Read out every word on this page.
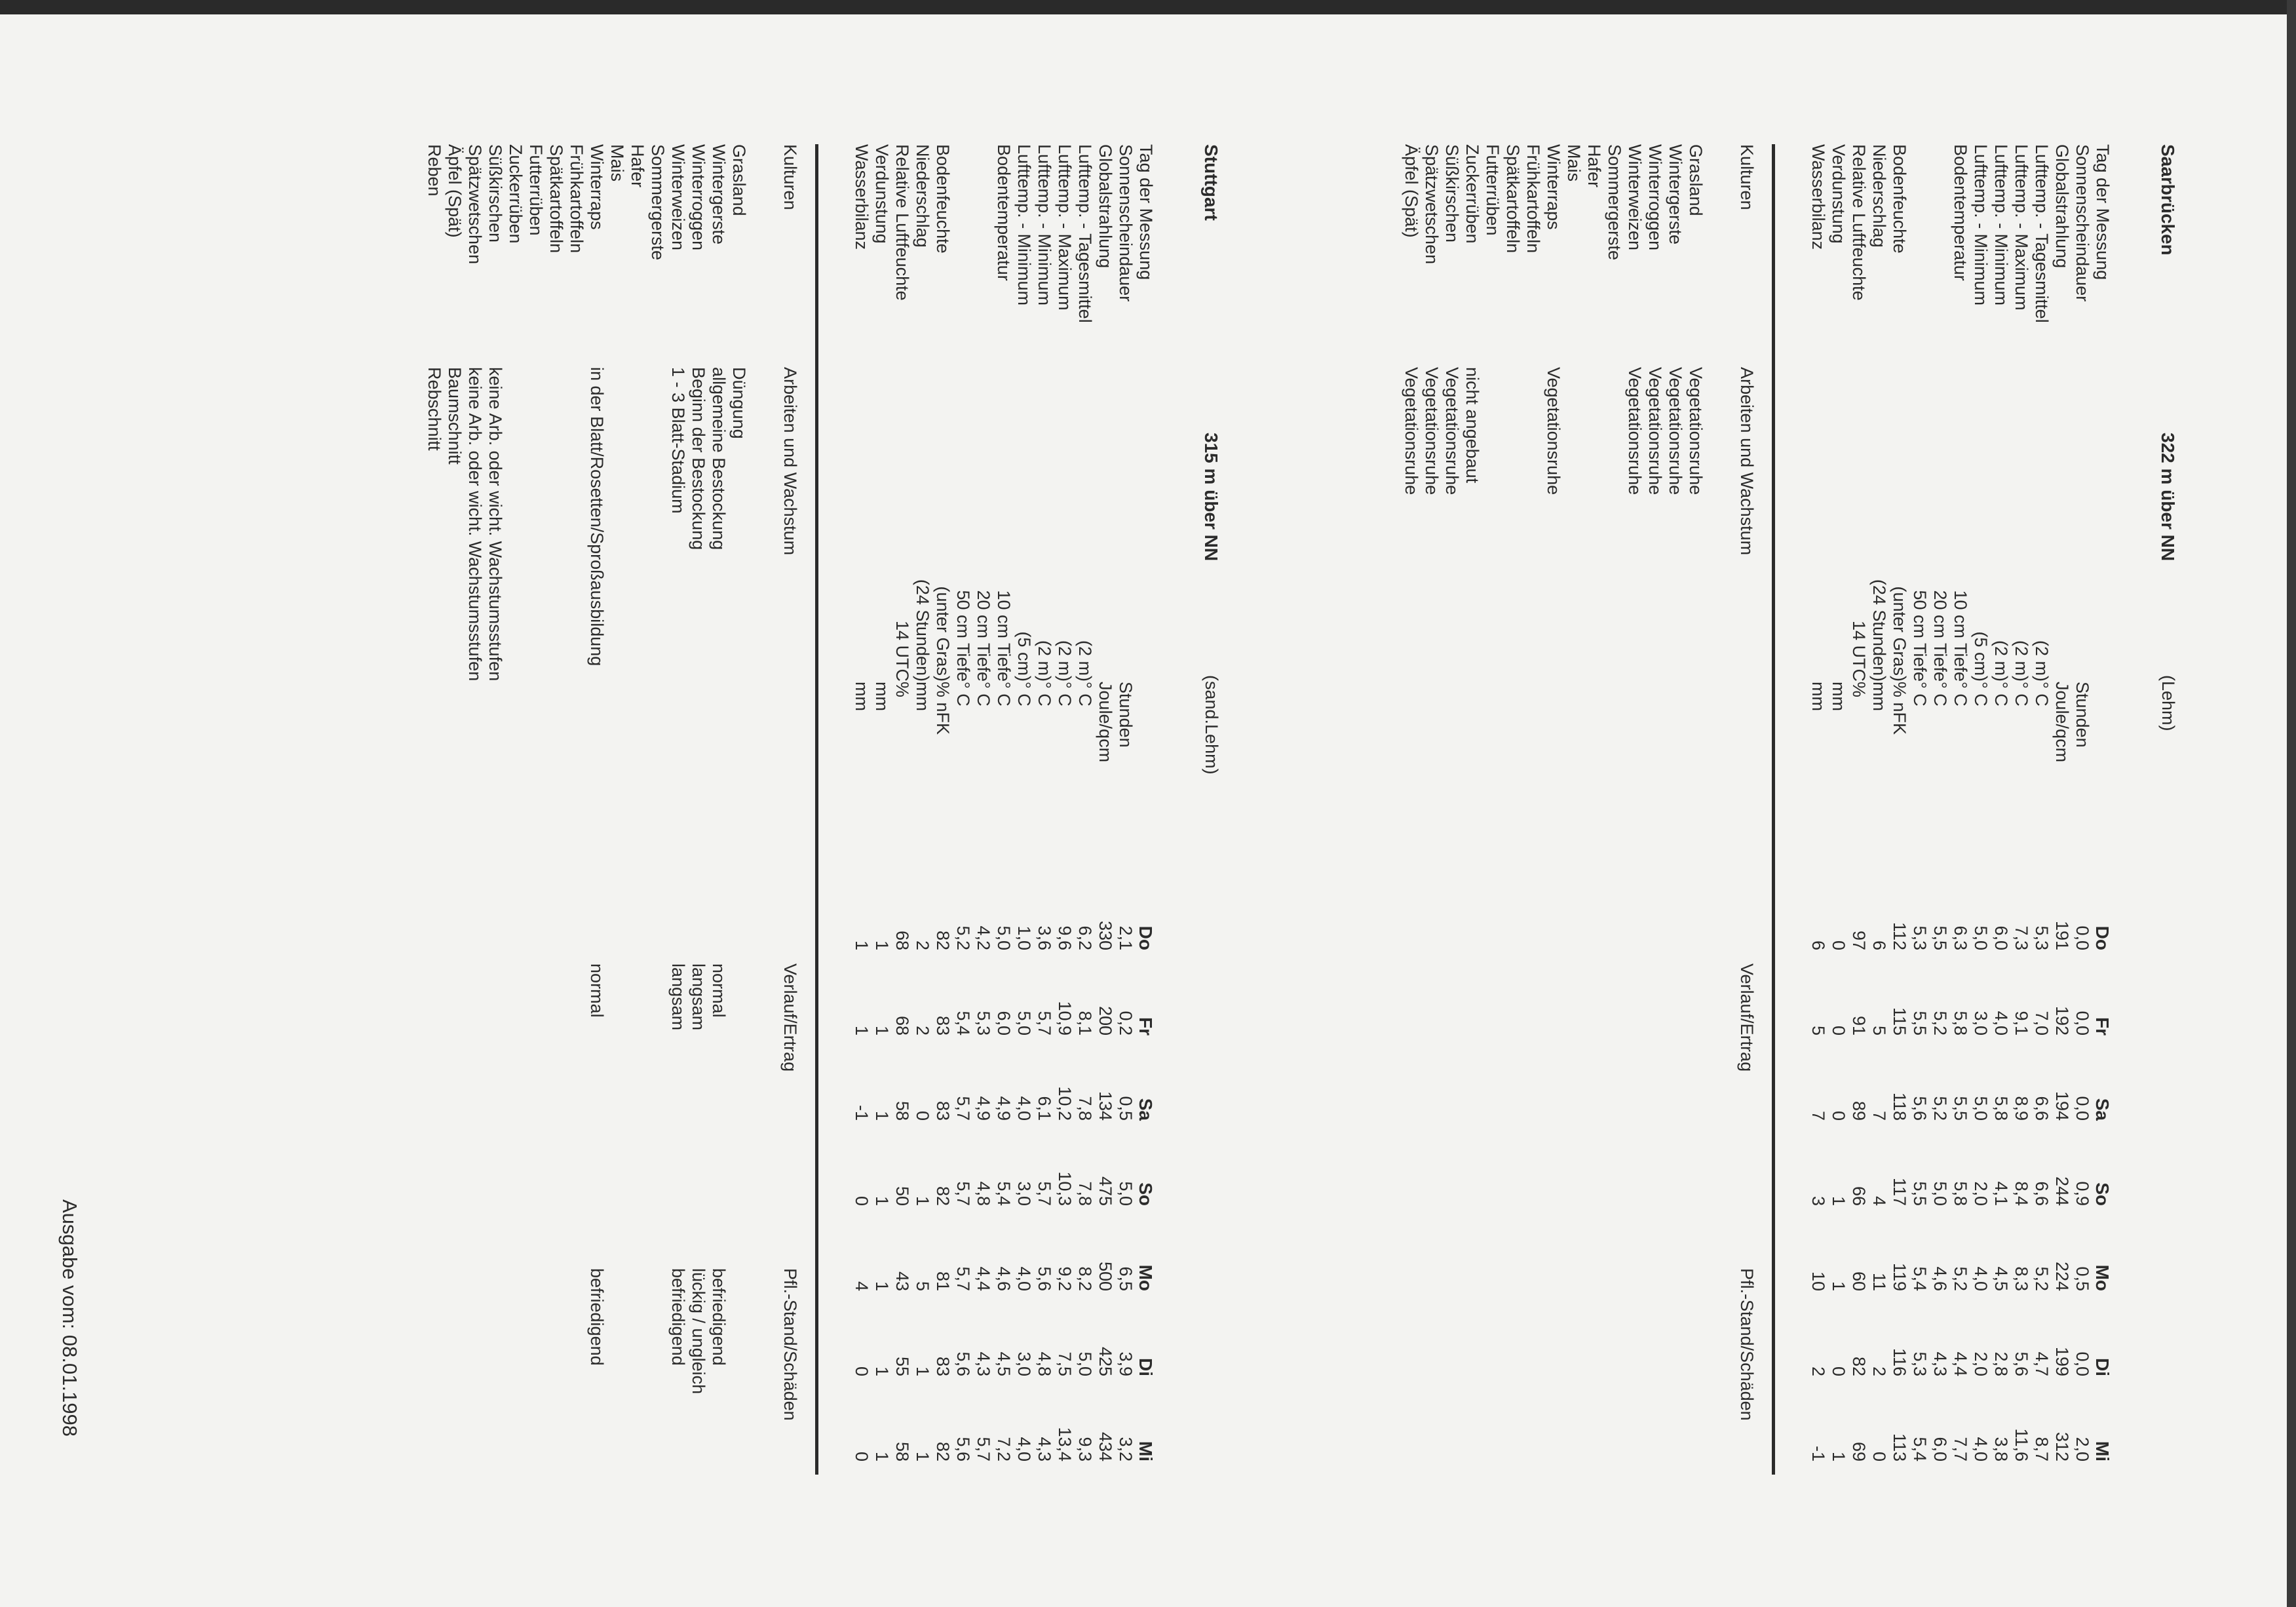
Saarbrücken
322 m über NN
(Lehm)
Tag der Messung
Do
Fr
Sa
So
Mo
Di
Mi
Sonnenscheindauer
Stunden
0,0
0,0
0,0
0,9
0,5
0,0
2,0
Globalstrahlung
Joule/qcm
191
192
194
244
224
199
312
Lufttemp. - Tagesmittel
(2 m)
° C
5,3
7,0
6,6
6,6
5,2
4,7
8,7
Lufttemp. - Maximum
(2 m)
° C
7,3
9,1
8,9
8,4
8,3
5,6
11,6
Lufttemp. - Minimum
(2 m)
° C
6,0
4,0
5,8
4,1
4,5
2,8
3,8
Lufttemp. - Minimum
(5 cm)
° C
5,0
3,0
5,0
2,0
4,0
2,0
4,0
Bodentemperatur
10 cm Tiefe
° C
6,3
5,8
5,5
5,8
5,2
4,4
7,7
20 cm Tiefe
° C
5,5
5,2
5,2
5,0
4,6
4,3
6,0
50 cm Tiefe
° C
5,3
5,5
5,6
5,5
5,4
5,3
5,4
Bodenfeuchte
(unter Gras)
% nFK
112
115
118
117
119
116
113
Niederschlag
(24 Stunden)
mm
6
5
7
4
11
2
0
Relative Luftfeuchte
14 UTC
%
97
91
89
66
60
82
69
Verdunstung
mm
0
0
0
1
1
0
1
Wasserbilanz
mm
6
5
7
3
10
2
-1
Kulturen
Arbeiten und Wachstum
Verlauf/Ertrag
Pfl.-Stand/Schäden
Grasland
Vegetationsruhe
Wintergerste
Vegetationsruhe
Winterroggen
Vegetationsruhe
Winterweizen
Vegetationsruhe
Sommergerste
Hafer
Mais
Winterraps
Vegetationsruhe
Frühkartoffeln
Spätkartoffeln
Futterrüben
Zuckerrüben
nicht angebaut
Süßkirschen
Vegetationsruhe
Spätzwetschen
Vegetationsruhe
Äpfel (Spät)
Vegetationsruhe
Stuttgart
315 m über NN
(sand.Lehm)
Tag der Messung
Do
Fr
Sa
So
Mo
Di
Mi
Sonnenscheindauer
Stunden
2,1
0,2
0,5
5,0
6,5
3,9
3,2
Globalstrahlung
Joule/qcm
330
200
134
475
500
425
434
Lufttemp. - Tagesmittel
(2 m)
° C
6,2
8,1
7,8
7,8
8,2
5,0
9,3
Lufttemp. - Maximum
(2 m)
° C
9,6
10,9
10,2
10,3
9,2
7,5
13,4
Lufttemp. - Minimum
(2 m)
° C
3,6
5,7
6,1
5,7
5,6
4,8
4,3
Lufttemp. - Minimum
(5 cm)
° C
1,0
5,0
4,0
3,0
4,0
3,0
4,0
Bodentemperatur
10 cm Tiefe
° C
5,0
6,0
4,9
5,4
4,6
4,5
7,2
20 cm Tiefe
° C
4,2
5,3
4,9
4,8
4,4
4,3
5,7
50 cm Tiefe
° C
5,2
5,4
5,7
5,7
5,7
5,6
5,6
Bodenfeuchte
(unter Gras)
% nFK
82
83
83
82
81
83
82
Niederschlag
(24 Stunden)
mm
2
2
0
1
5
1
1
Relative Luftfeuchte
14 UTC
%
68
68
58
50
43
55
58
Verdunstung
mm
1
1
1
1
1
1
1
Wasserbilanz
mm
1
1
-1
0
4
0
0
Kulturen
Arbeiten und Wachstum
Verlauf/Ertrag
Pfl.-Stand/Schäden
Grasland
Düngung
Wintergerste
allgemeine Bestockung
normal
befriedigend
Winterroggen
Beginn der Bestockung
langsam
lückig / ungleich
Winterweizen
1 - 3 Blatt-Stadium
langsam
befriedigend
Sommergerste
Hafer
Mais
Winterraps
in der Blatt/Rosetten/Sproßausbildung
normal
befriedigend
Frühkartoffeln
Spätkartoffeln
Futterrüben
Zuckerrüben
Süßkirschen
keine Arb. oder wicht. Wachstumsstufen
Spätzwetschen
keine Arb. oder wicht. Wachstumsstufen
Äpfel (Spät)
Baumschnitt
Reben
Rebschnitt
Ausgabe vom: 08.01.1998
